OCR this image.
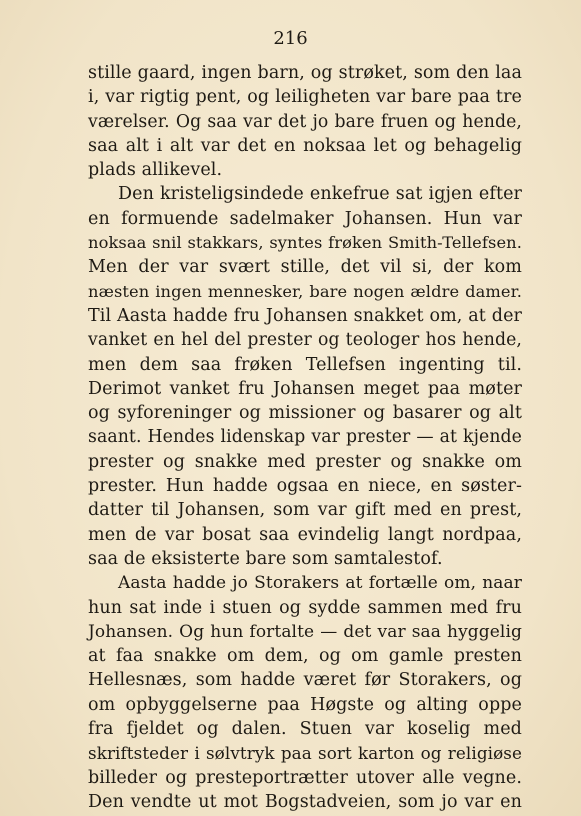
216
stille gaard, ingen barn, og strøket, som den laa
i, var rigtig pent, og leiligheten var bare paa tre
værelser. Og saa var det jo bare fruen og hende,
saa alt i alt var det en noksaa let og behagelig
plads allikevel.
Den kristeligsindede enkefrue sat igjen efter
en formuende sadelmaker Johansen. Hun var
noksaa snil stakkars, syntes frøken Smith-Tellefsen.
Men der var svært stille, det vil si, der kom
næsten ingen mennesker, bare nogen ældre damer.
Til Aasta hadde fru Johansen snakket om, at der
vanket en hel del prester og teologer hos hende,
men dem saa frøken Tellefsen ingenting til.
Derimot vanket fru Johansen meget paa møter
og syforeninger og missioner og basarer og alt
saant. Hendes lidenskap var prester — at kjende
prester og snakke med prester og snakke om
prester. Hun hadde ogsaa en niece, en søster-
datter til Johansen, som var gift med en prest,
men de var bosat saa evindelig langt nordpaa,
saa de eksisterte bare som samtalestof.
Aasta hadde jo Storakers at fortælle om, naar
hun sat inde i stuen og sydde sammen med fru
Johansen. Og hun fortalte — det var saa hyggelig
at faa snakke om dem, og om gamle presten
Hellesnæs, som hadde været før Storakers, og
om opbyggelserne paa Høgste og alting oppe
fra fjeldet og dalen. Stuen var koselig med
skriftsteder i sølvtryk paa sort karton og religiøse
billeder og presteportrætter utover alle vegne.
Den vendte ut mot Bogstadveien, som jo var en
